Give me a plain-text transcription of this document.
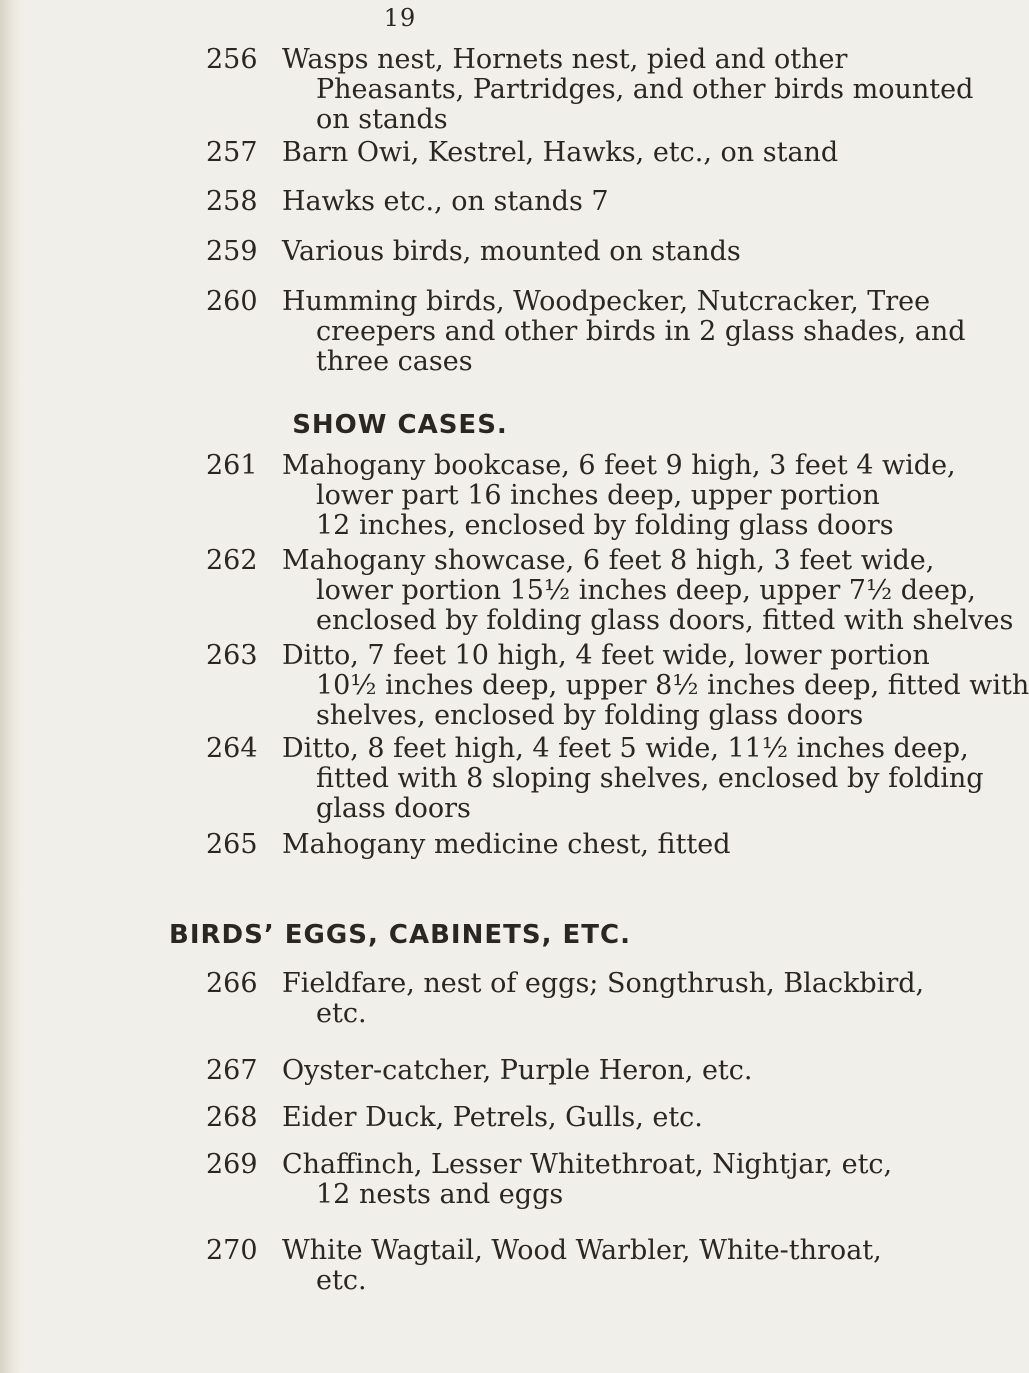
19
256 Wasps nest, Hornets nest, pied and other
Pheasants, Partridges, and other birds mounted
on stands
257 Barn Owi, Kestrel, Hawks, etc., on stand
258 Hawks etc., on stands 7
259 Various birds, mounted on stands
260 Humming birds, Woodpecker, Nutcracker, Tree
creepers and other birds in 2 glass shades, and
three cases
SHOW CASES.
261 Mahogany bookcase, 6 feet 9 high, 3 feet 4 wide,
lower part 16 inches deep, upper portion
12 inches, enclosed by folding glass doors
262 Mahogany showcase, 6 feet 8 high, 3 feet wide,
lower portion 15½ inches deep, upper 7½ deep,
enclosed by folding glass doors, fitted with shelves
263 Ditto, 7 feet 10 high, 4 feet wide, lower portion
10½ inches deep, upper 8½ inches deep, fitted with
shelves, enclosed by folding glass doors
264 Ditto, 8 feet high, 4 feet 5 wide, 11½ inches deep,
fitted with 8 sloping shelves, enclosed by folding
glass doors
265 Mahogany medicine chest, fitted
BIRDS’ EGGS, CABINETS, ETC.
266 Fieldfare, nest of eggs; Songthrush, Blackbird,
etc.
267 Oyster-catcher, Purple Heron, etc.
268 Eider Duck, Petrels, Gulls, etc.
269 Chaffinch, Lesser Whitethroat, Nightjar, etc,
12 nests and eggs
270 White Wagtail, Wood Warbler, White-throat,
etc.
